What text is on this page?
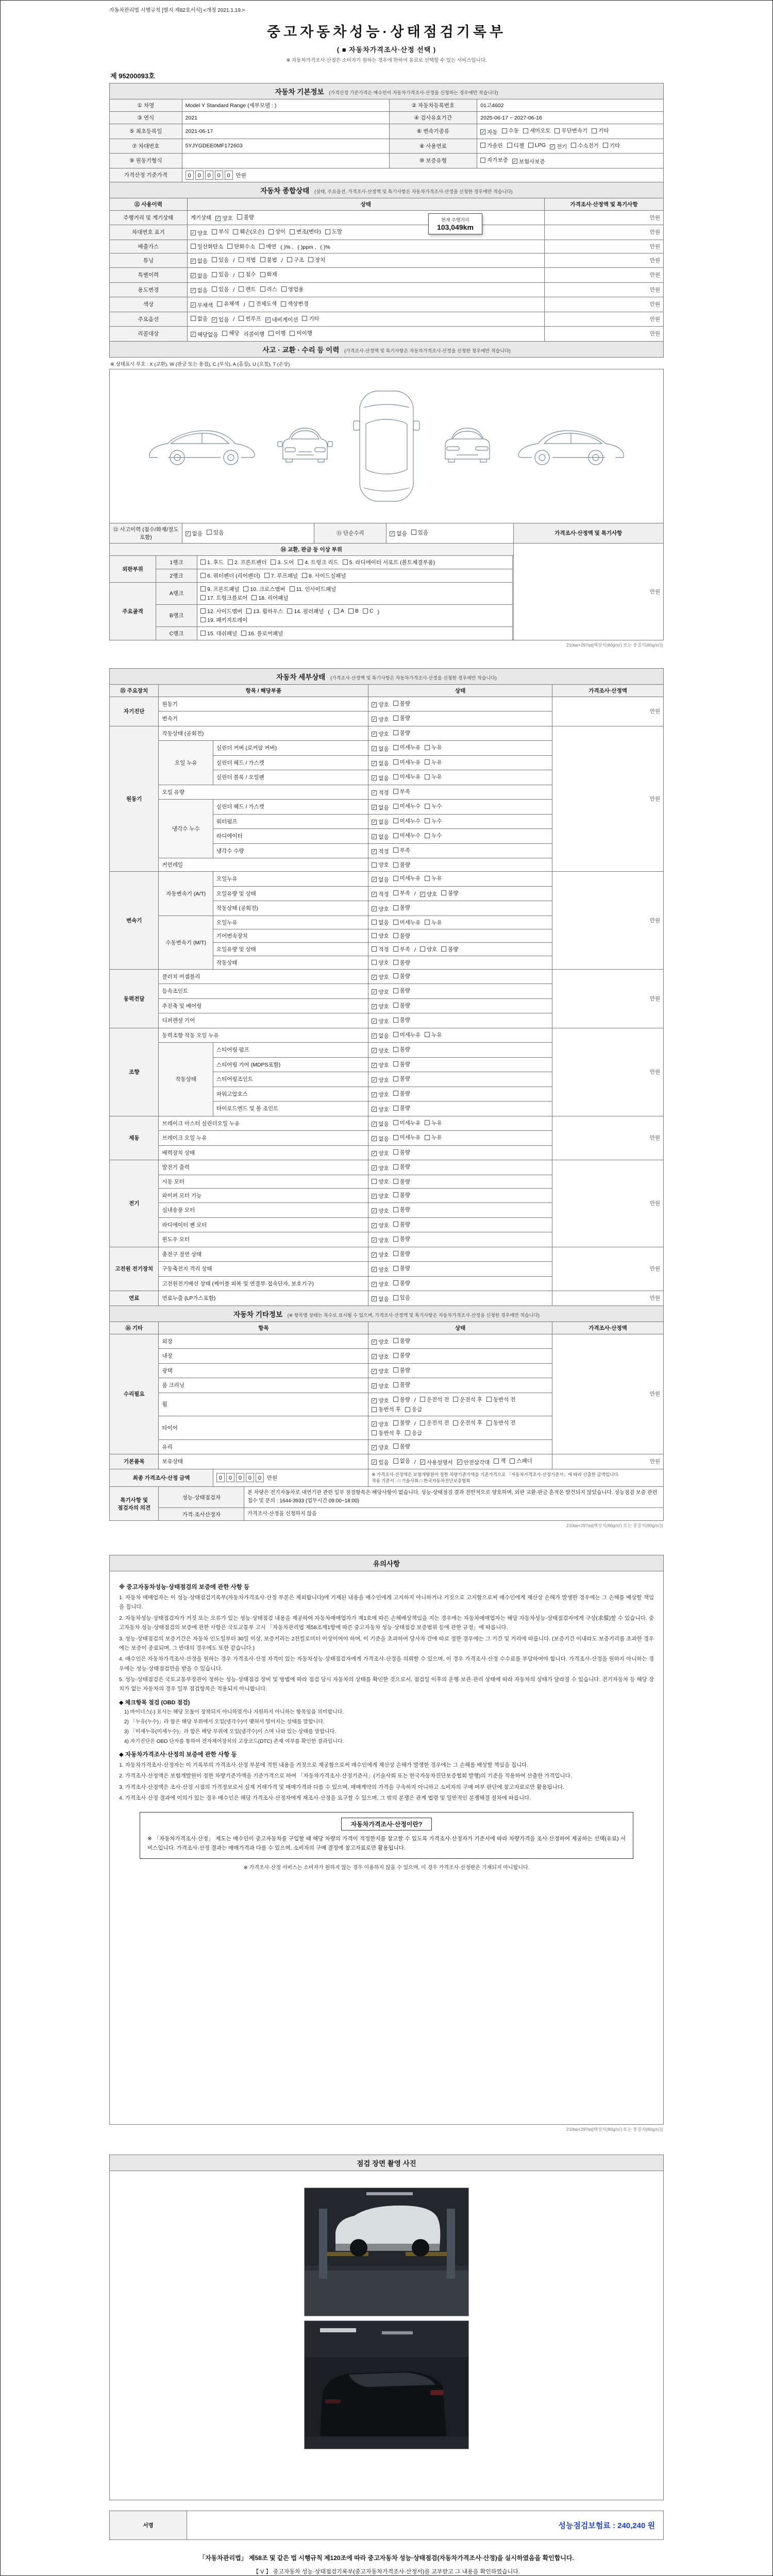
자동차관리법 시행규칙 [별지 제82호서식] <개정 2021.1.19.>
중고자동차성능·상태점검기록부
( ■ 자동차가격조사·산정 선택 )
※ 자동차가격조사·산정은 소비자가 원하는 경우에 한하여 유료로 선택할 수 있는 서비스입니다.
제 95200093호
자동차 기본정보 (가격산정 기준가격은 매수인이 자동차가격조사·산정을 신청하는 경우에만 적습니다)
① 차명	Model Y Standard Range (세부모델 : )	② 자동차등록번호	01고4602
③ 연식	2021	④ 검사유효기간	2025-06-17 ~ 2027-06-16
⑤ 최초등록일	2021-06-17	⑥ 변속기종류	✓ 자동 수동 세미오토 무단변속기 기타

⑦ 차대번호	5YJYGDEE0MF172603	⑧ 사용연료	가솔린 디젤 LPG ✓ 전기 수소전기 기타

⑨ 원동기형식		⑩ 보증유형	자가보증 ✓ 보험사보증

가격산정 기준가격	0 0 0 0 0 만원		
자동차 종합상태 (상태, 주요옵션, 가격조사·산정액 및 특기사항은 자동차가격조사·산정을 신청한 경우에만 적습니다)
⑪ 사용이력	상태	가격조사·산정액 및 특기사항
주행거리 및 계기상태	계기상태 ✓ 양호 불량	현재 주행거리
103,049km
	만원
차대번호 표기	✓ 양호 부식 훼손(오손) 상이 변조(변타) 도말	만원
배출가스	일산화탄소 탄화수소 매연 ( )% , ( )ppm , ( )%	만원
튜닝	✓ 없음 있음 / 적법 불법 / 구조 장치	만원
특별이력	✓ 없음 있음 / 침수 화재	만원
용도변경	✓ 없음 있음 / 렌트 리스 영업용	만원
색상	✓ 무채색 유채색 / 전체도색 색상변경	만원
주요옵션	없음 ✓ 있음 / 썬루프 ✓ 네비게이션 기타	만원
리콜대상	✓ 해당없음 해당 리콜이행 이행 미이행	만원
사고 · 교환 · 수리 등 이력 (가격조사·산정액 및 특기사항은 자동차가격조사·산정을 신청한 경우에만 적습니다)
※ 상태표시 부호 : X (교환), W (판금 또는 용접), C (부식), A (흠집), U (요철), T (손상)
⑫ 사고이력 (침수/화재/절도 포함)	
✓ 없음 있음	⑬ 단순수리	✓ 없음 있음	가격조사·산정액 및 특기사항
⑭ 교환, 판금 등 이상 부위	만원

외판부위	1랭크	1. 후드 2. 프론트펜더 3. 도어 4. 트렁크 리드 5. 라디에이터 서포트 (볼트체결부품)

2랭크	6. 쿼터펜더 (리어펜더) 7. 루프패널 8. 사이드실패널

주요골격	A랭크	
9. 프론트패널 10. 크로스멤버 11. 인사이드패널

17. 트렁크플로어 18. 리어패널

B랭크	
12. 사이드멤버 13. 휠하우스 14. 필러패널 ( A B C )

19. 패키지트레이

C랭크	15. 대쉬패널 16. 플로어패널
210㎜×297㎜[백상지(80g/㎡) 또는 중질지(80g/㎡)]
자동차 세부상태 (가격조사·산정액 및 특기사항은 자동차가격조사·산정을 신청한 경우에만 적습니다)
⑮ 주요장치	항목 / 해당부품		상태	가격조사·산정액
자기진단	원동기		✓ 양호 불량	만원
	변속기		✓ 양호 불량	

원동기	작동상태 (공회전)		✓ 양호 불량	만원
	오일 누유	실린더 커버 (로커암 커버)	✓ 없음 미세누유 누유	

		실린더 헤드 / 가스켓	✓ 없음 미세누유 누유	

		실린더 블록 / 오일팬	✓ 없음 미세누유 누유	

	오일 유량		✓ 적정 부족	

	냉각수 누수	실린더 헤드 / 가스켓	✓ 없음 미세누수 누수	

		워터펌프	✓ 없음 미세누수 누수	

		라디에이터	✓ 없음 미세누수 누수	

		냉각수 수량	✓ 적정 부족	

	커먼레일		양호 불량	

변속기	자동변속기 (A/T)	오일누유	✓ 없음 미세누유 누유	만원
오일유량 및 상태	✓ 적정 부족 / ✓ 양호 불량

		작동상태 (공회전)	✓ 양호 불량	

	수동변속기 (M/T)	오일누유	없음 미세누유 누유	

		기어변속장치	양호 불량	

		오일유량 및 상태	적정 부족 / 양호 불량	

		작동상태	양호 불량	

동력전달	클러치 어셈블리		✓ 양호 불량	만원
	등속조인트		✓ 양호 불량	

	추진축 및 베어링		✓ 양호 불량	

	디퍼렌셜 기어		✓ 양호 불량	

조향	동력조향 작동 오일 누유		✓ 없음 미세누유 누유	만원
	작동상태	스티어링 펌프	✓ 양호 불량	

		스티어링 기어 (MDPS포함)	✓ 양호 불량	

		스티어링조인트	✓ 양호 불량	

		파워고압호스	✓ 양호 불량	

		타이로드엔드 및 볼 조인트	✓ 양호 불량	

제동	브레이크 마스터 실린더오일 누유		✓ 없음 미세누유 누유	만원
	브레이크 오일 누유		✓ 없음 미세누유 누유	

	배력장치 상태		✓ 양호 불량	

전기	발전기 출력		✓ 양호 불량	만원
	시동 모터		양호 불량	

	와이퍼 모터 기능		✓ 양호 불량	

	실내송풍 모터		✓ 양호 불량	

	라디에이터 팬 모터		✓ 양호 불량	

	윈도우 모터		✓ 양호 불량	

고전원 전기장치	충전구 절연 상태		✓ 양호 불량	만원
	구동축전지 격리 상태		✓ 양호 불량	

	고전원전기배선 상태 (케이블 피복 및 연결부·접속단자, 보호기구)		✓ 양호 불량	

연료	연료누출 (LP가스포함)		✓ 없음 있음	만원
자동차 기타정보 (※ 항목별 상태는 복수로 표시될 수 있으며, 가격조사·산정액 및 특기사항은 자동차가격조사·산정을 신청한 경우에만 적습니다)
⑯ 기타	항목	상태	가격조사·산정액
수리필요	외장	✓ 양호 불량	만원
	내장	✓ 양호 불량	

	광택	✓ 양호 불량	

	룸 크리닝	✓ 양호 불량	

휠	
✓ 양호 불량 / 운전석 전 운전석 후 동반석 전
동반석 후 응급

타이어	
✓ 양호 불량 / 운전석 전 운전석 후 동반석 전
동반석 후 응급

	유리	✓ 양호 불량	

기본품목	보유상태	✓ 있음 없음 / ✓ 사용설명서 ✓ 안전삼각대 잭 스패너	만원
최종 가격조사·산정 금액	0 0 0 0 0 만원	
※ 가격조사·산정액은 보험개발원이 정한 차량기준가액을 기준가격으로 「자동차가격조사·산정기준서」에 따라 산출한 금액입니다.
적용 기준서 : □ 기술사회 □ 한국자동차진단보증협회
특기사항 및 점검자의 의견	성능·상태점검자	본 차량은 전기자동차로 내연기관 관련 일부 점검항목은 해당사항이 없습니다. 성능·상태점검 결과 전반적으로 양호하며, 외판 교환·판금 흔적은 발견되지 않았습니다. 성능점검 보증 관련 접수 및 문의 : 1644-3933 (업무시간 09:00~18:00)
	가격·조사산정자	가격조사·산정을 신청하지 않음
210㎜×297㎜[백상지(80g/㎡) 또는 중질지(80g/㎡)]
유의사항
※ 중고자동차성능·상태점검의 보증에 관한 사항 등
1. 자동차 매매업자는 이 성능·상태점검기록부(자동차가격조사·산정 부분은 제외합니다)에 기재된 내용을 매수인에게 고지하지 아니하거나 거짓으로 고지함으로써 매수인에게 재산상 손해가 발생한 경우에는 그 손해를 배상할 책임을 집니다.
2. 자동차성능·상태점검자가 거짓 또는 오류가 있는 성능·상태점검 내용을 제공하여 자동차매매업자가 제1호에 따른 손해배상책임을 지는 경우에는 자동차매매업자는 해당 자동차성능·상태점검자에게 구상(求償)할 수 있습니다. 중고자동차 성능·상태점검의 보증에 관한 사항은 국토교통부 고시 「자동차관리법 제58조제1항에 따른 중고자동차 성능·상태점검 보증범위 등에 관한 규정」에 따릅니다.
3. 성능·상태점검의 보증기간은 자동차 인도일부터 30일 이상, 보증거리는 2천킬로미터 이상이어야 하며, 이 기준을 초과하여 당사자 간에 따로 정한 경우에는 그 기간 및 거리에 따릅니다. (보증기간 이내라도 보증거리를 초과한 경우에는 보증이 종료되며, 그 반대의 경우에도 또한 같습니다.)
4. 매수인은 자동차가격조사·산정을 원하는 경우 가격조사·산정 자격이 있는 자동차성능·상태점검자에게 가격조사·산정을 의뢰할 수 있으며, 이 경우 가격조사·산정 수수료를 부담하여야 합니다. 가격조사·산정을 원하지 아니하는 경우에는 성능·상태점검만을 받을 수 있습니다.
5. 성능·상태점검은 국토교통부장관이 정하는 성능·상태점검 장비 및 방법에 따라 점검 당시 자동차의 상태를 확인한 것으로서, 점검일 이후의 운행·보관·관리 상태에 따라 자동차의 상태가 달라질 수 있습니다. 전기자동차 등 해당 장치가 없는 자동차의 경우 일부 점검항목은 적용되지 아니합니다.
◆ 체크항목 점검 (OBD 점검)
1) 마이너스(-) 표시는 해당 모듈이 장착되지 아니하였거나 지원하지 아니하는 항목임을 의미합니다.
2) 「누유(누수)」라 함은 해당 부위에서 오일(냉각수)이 맺혀서 떨어지는 상태를 말합니다.
3) 「미세누유(미세누수)」라 함은 해당 부위에 오일(냉각수)이 스며 나와 있는 상태를 말합니다.
4) 자기진단은 OBD 단자를 통하여 전자제어장치의 고장코드(DTC) 존재 여부를 확인한 결과입니다.
◆ 자동차가격조사·산정의 보증에 관한 사항 등
1. 자동차가격조사·산정자는 이 기록부의 가격조사·산정 부분에 적힌 내용을 거짓으로 제공함으로써 매수인에게 재산상 손해가 발생한 경우에는 그 손해를 배상할 책임을 집니다.
2. 가격조사·산정액은 보험개발원이 정한 차량기준가액을 기준가격으로 하여 「자동차가격조사·산정기준서」(기술사회 또는 한국자동차진단보증협회 발행)의 기준을 적용하여 산출한 가격입니다.
3. 가격조사·산정액은 조사·산정 시점의 가격정보로서 실제 거래가격 및 매매가격과 다를 수 있으며, 매매계약의 가격을 구속하지 아니하고 소비자의 구매 여부 판단에 참고자료로만 활용됩니다.
4. 가격조사·산정 결과에 이의가 있는 경우 매수인은 해당 가격조사·산정자에게 재조사·산정을 요구할 수 있으며, 그 밖의 분쟁은 관계 법령 및 일반적인 분쟁해결 절차에 따릅니다.
자동차가격조사·산정이란?
※ 「자동차가격조사·산정」 제도는 매수인이 중고자동차를 구입할 때 해당 차량의 가격이 적정한지를 참고할 수 있도록 가격조사·산정자가 기준서에 따라 차량가격을 조사·산정하여 제공하는 선택(유료) 서비스입니다. 가격조사·산정 결과는 매매가격과 다를 수 있으며, 소비자의 구매 결정에 참고자료로만 활용됩니다.
※ 가격조사·산정 서비스는 소비자가 원하지 않는 경우 이용하지 않을 수 있으며, 이 경우 가격조사·산정란은 기재되지 아니합니다.
210㎜×297㎜[백상지(80g/㎡) 또는 중질지(80g/㎡)]
점검 장면 촬영 사진
서명	성능점검보험료 : 240,240 원
「자동차관리법」 제58조 및 같은 법 시행규칙 제120조에 따라 중고자동차 성능·상태점검(자동차가격조사·산정)을 실시하였음을 확인합니다.
【 V 】 중고자동차 성능·상태점검기록부(중고자동차가격조사·산정서)를 교부받고 그 내용을 확인하였습니다.
